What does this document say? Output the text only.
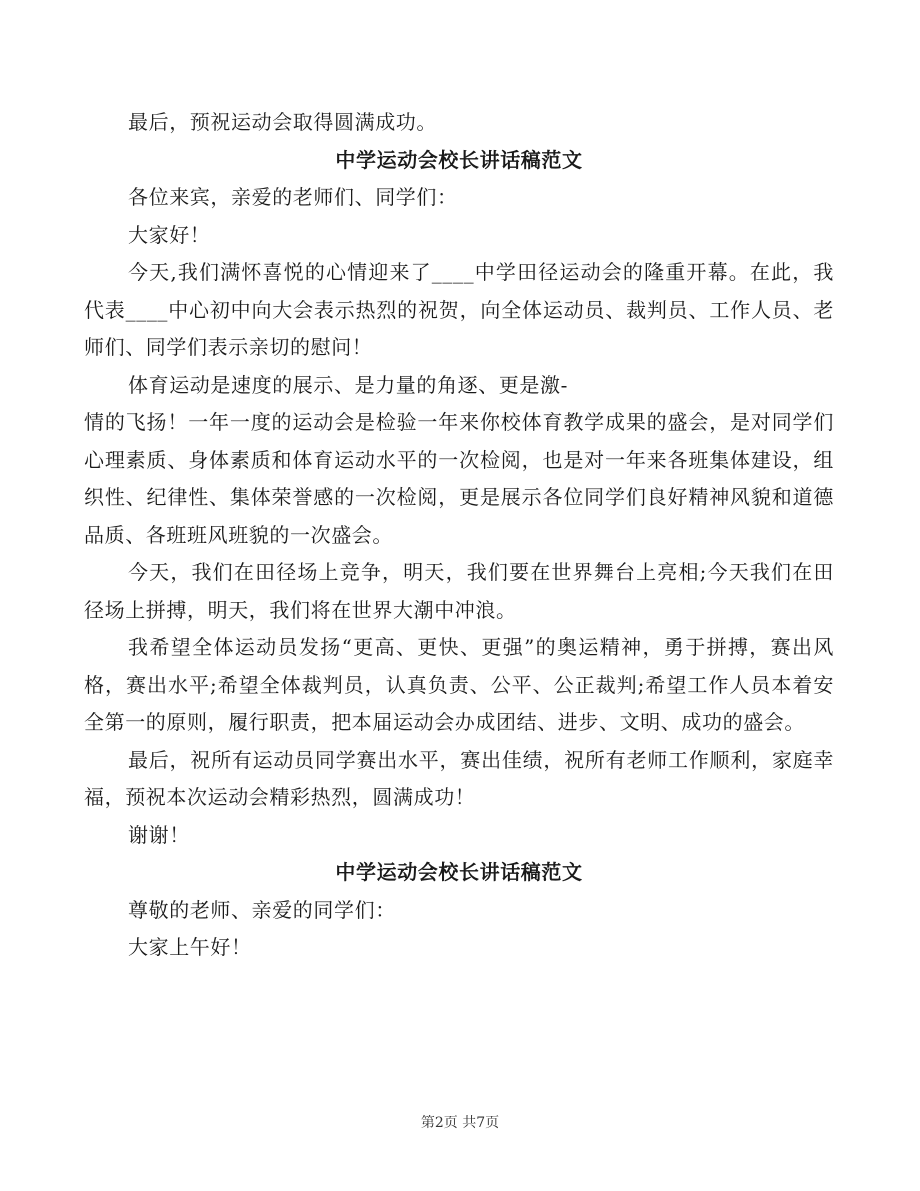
最后，预祝运动会取得圆满成功。

中学运动会校长讲话稿范文

各位来宾，亲爱的老师们、同学们：

大家好！

今天,我们满怀喜悦的心情迎来了____中学田径运动会的隆重开幕。在此，我代表____中心初中向大会表示热烈的祝贺，向全体运动员、裁判员、工作人员、老师们、同学们表示亲切的慰问！

体育运动是速度的展示、是力量的角逐、更是激-

情的飞扬！一年一度的运动会是检验一年来你校体育教学成果的盛会，是对同学们心理素质、身体素质和体育运动水平的一次检阅，也是对一年来各班集体建设，组织性、纪律性、集体荣誉感的一次检阅，更是展示各位同学们良好精神风貌和道德品质、各班班风班貌的一次盛会。

今天，我们在田径场上竞争，明天，我们要在世界舞台上亮相;今天我们在田径场上拼搏，明天，我们将在世界大潮中冲浪。

我希望全体运动员发扬“更高、更快、更强”的奥运精神，勇于拼搏，赛出风格，赛出水平;希望全体裁判员，认真负责、公平、公正裁判;希望工作人员本着安全第一的原则，履行职责，把本届运动会办成团结、进步、文明、成功的盛会。

最后，祝所有运动员同学赛出水平，赛出佳绩，祝所有老师工作顺利，家庭幸福，预祝本次运动会精彩热烈，圆满成功！

谢谢！

中学运动会校长讲话稿范文

尊敬的老师、亲爱的同学们：

大家上午好！

第2页 共7页
